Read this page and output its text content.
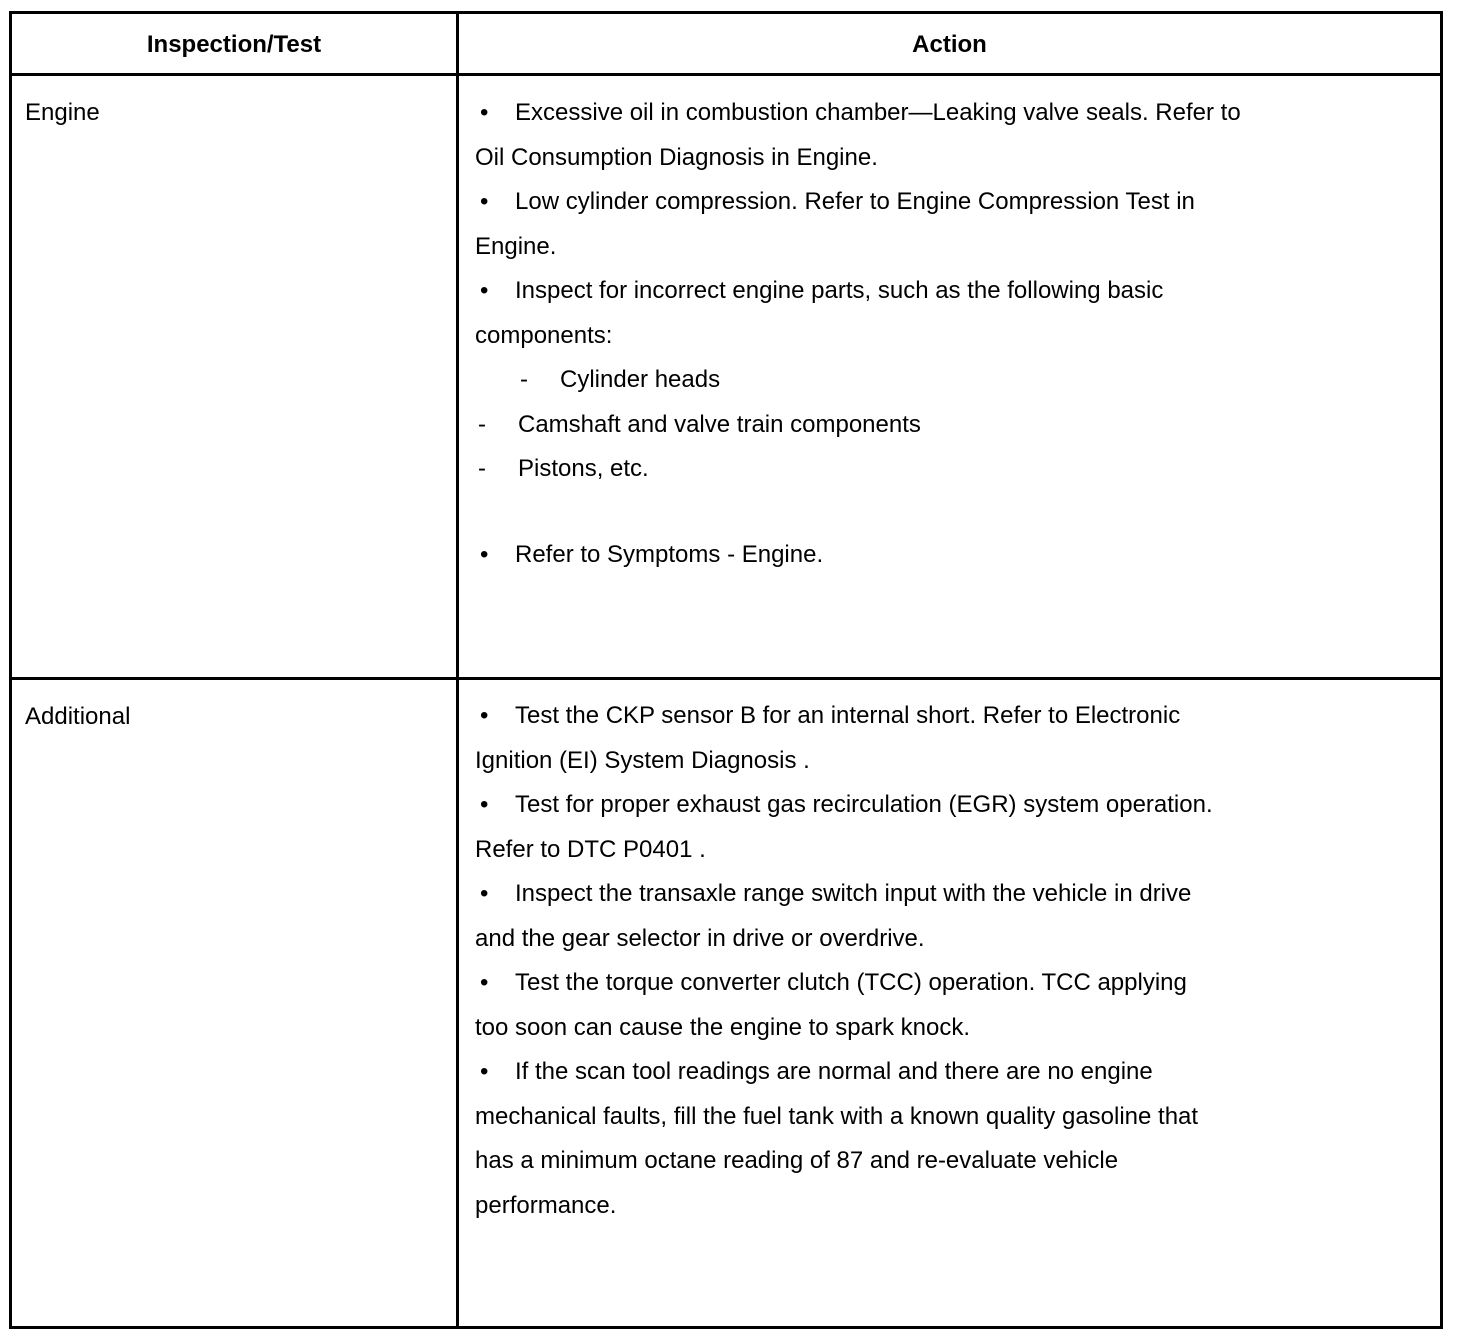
Inspection/Test	Action
Engine	• Excessive oil in combustion chamber—Leaking valve seals. Refer to

Oil Consumption Diagnosis in Engine.

• Low cylinder compression. Refer to Engine Compression Test in

Engine.

• Inspect for incorrect engine parts, such as the following basic

components:

- Cylinder heads

- Camshaft and valve train components

- Pistons, etc.

• Refer to Symptoms - Engine.

Additional	• Test the CKP sensor B for an internal short. Refer to Electronic

Ignition (EI) System Diagnosis .

• Test for proper exhaust gas recirculation (EGR) system operation.

Refer to DTC P0401 .

• Inspect the transaxle range switch input with the vehicle in drive

and the gear selector in drive or overdrive.

• Test the torque converter clutch (TCC) operation. TCC applying

too soon can cause the engine to spark knock.

• If the scan tool readings are normal and there are no engine

mechanical faults, fill the fuel tank with a known quality gasoline that

has a minimum octane reading of 87 and re-evaluate vehicle

performance.
